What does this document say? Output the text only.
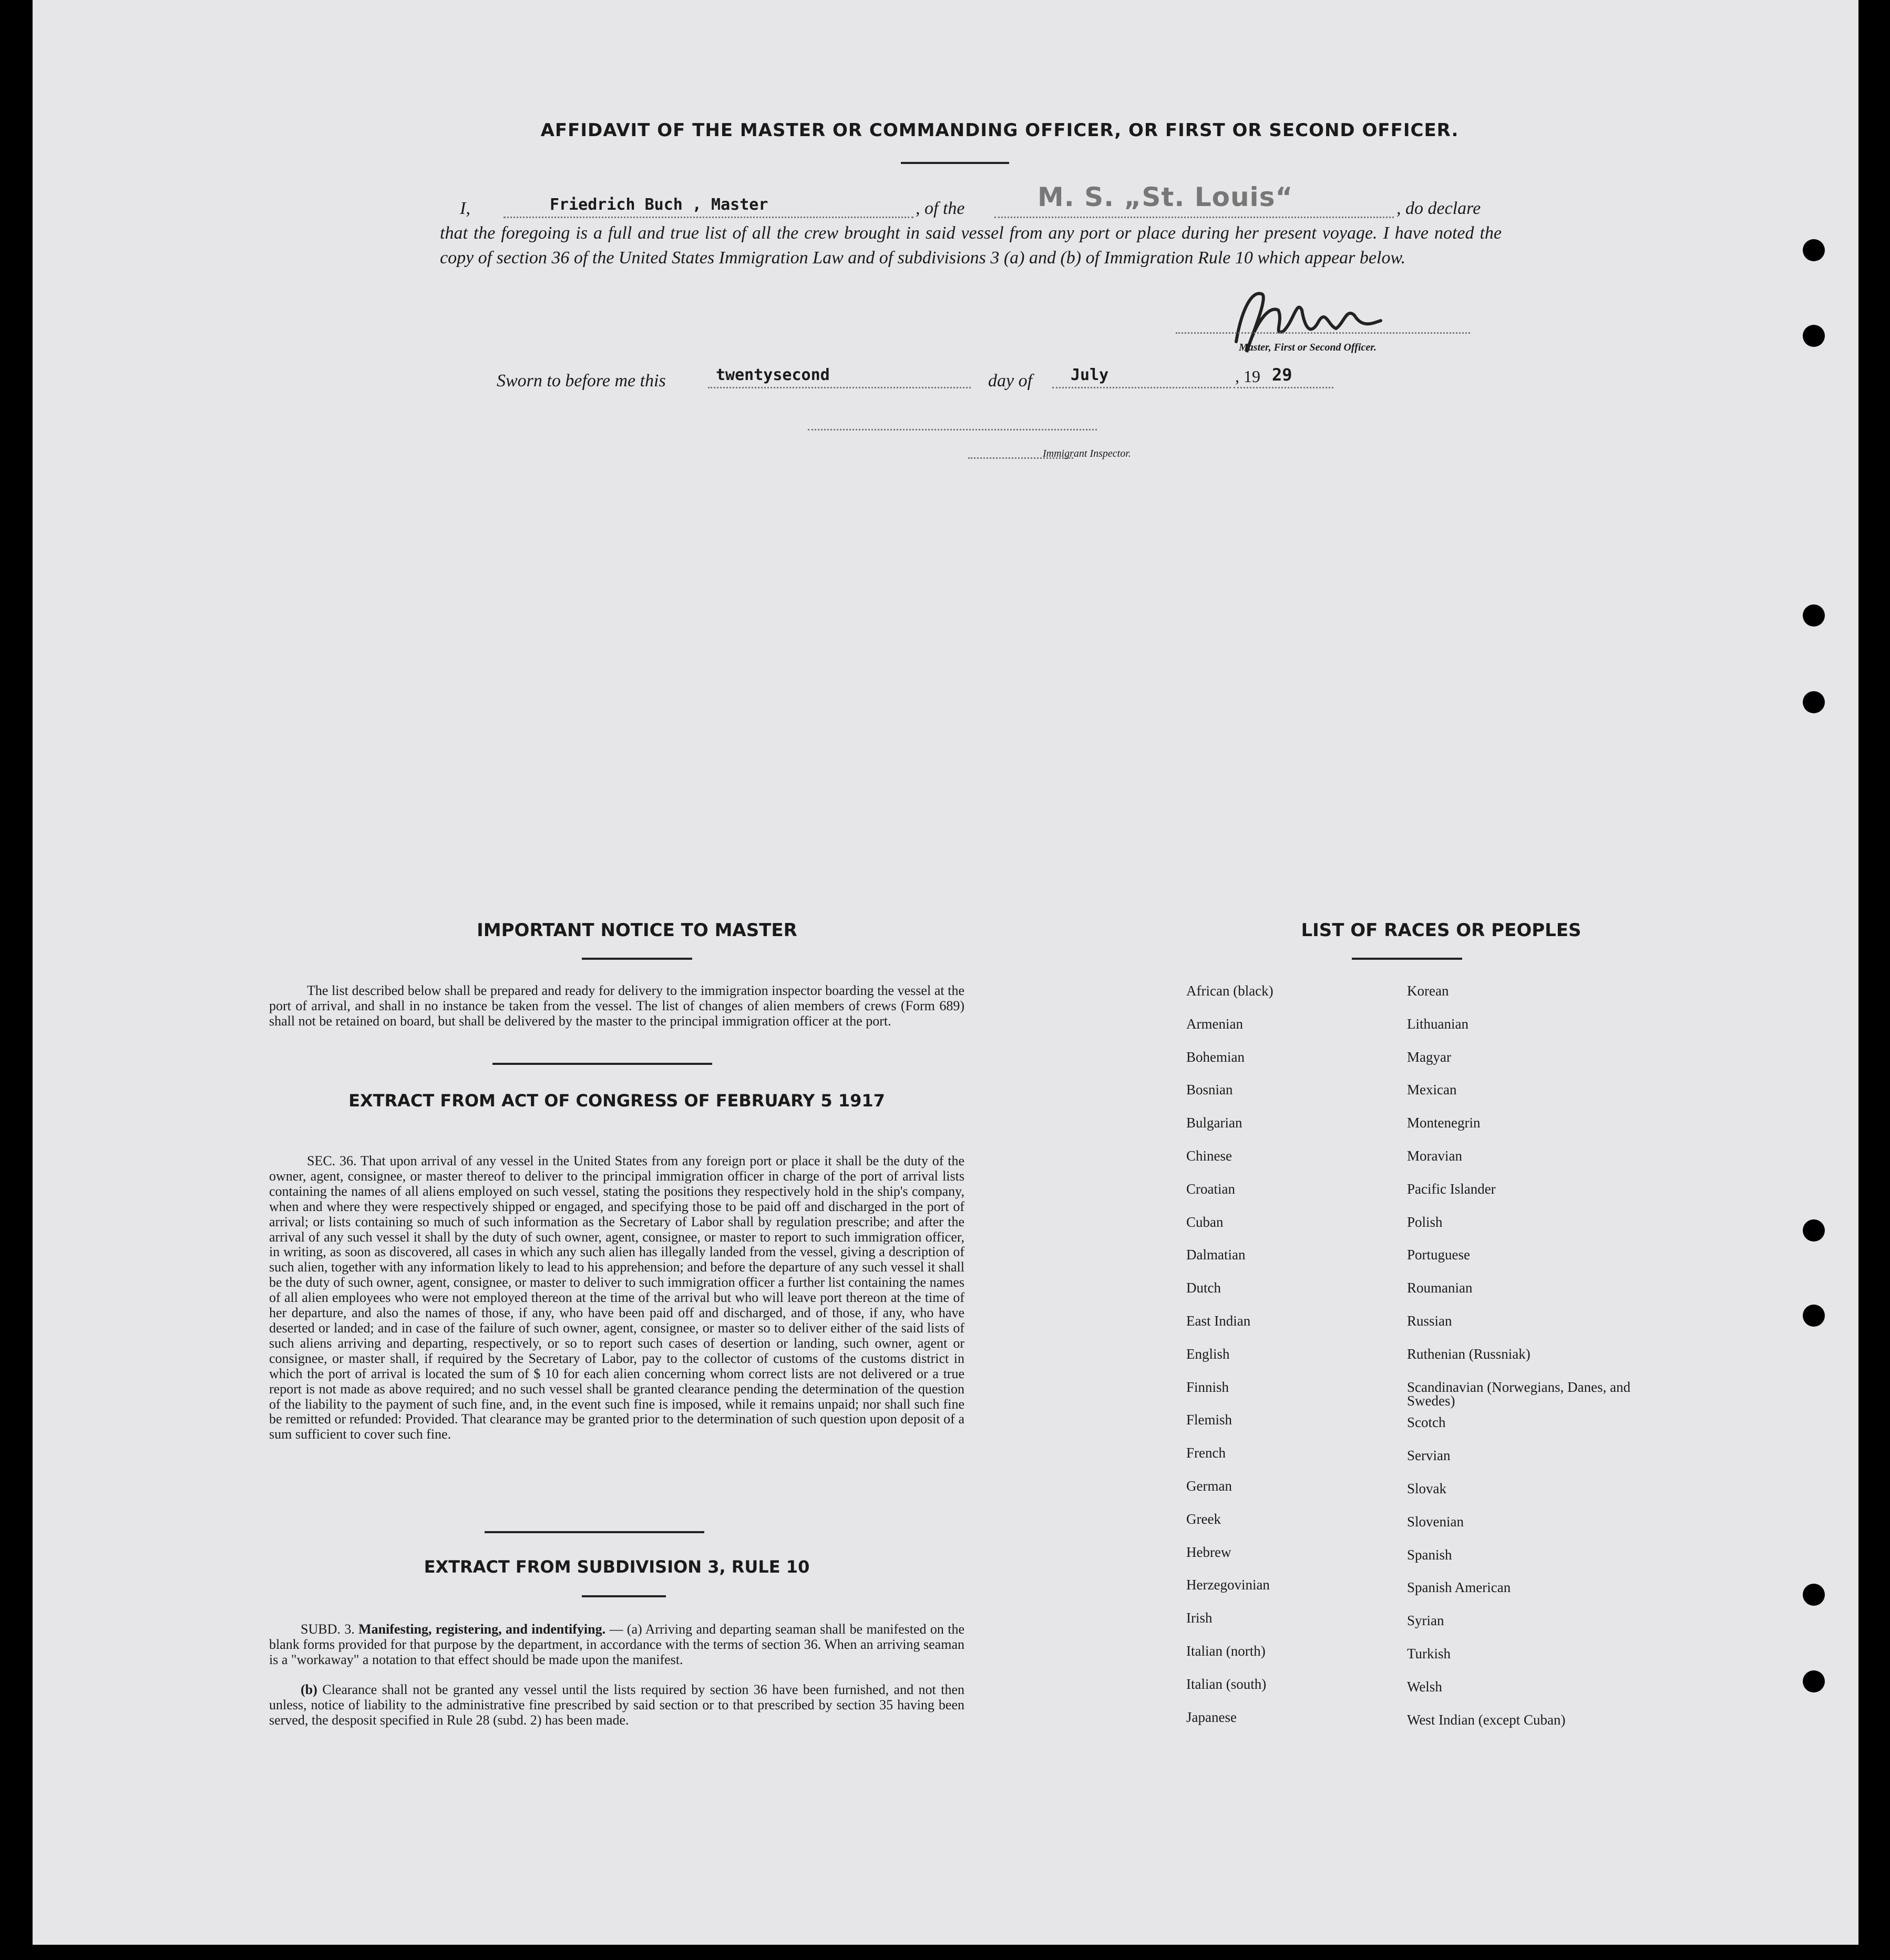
AFFIDAVIT OF THE MASTER OR COMMANDING OFFICER, OR FIRST OR SECOND OFFICER.
I,	Friedrich Buch , Master	, of the	M. S. „St. Louis“	, do declare
that the foregoing is a full and true list of all the crew brought in said vessel from any port or place during her present voyage. I have noted the copy of section 36 of the United States Immigration Law and of subdivisions 3 (a) and (b) of Immigration Rule 10 which appear below.
Master, First or Second Officer.
Sworn to before me this	twentysecond	day of July	, 19 29
Immigrant Inspector.
IMPORTANT NOTICE TO MASTER
The list described below shall be prepared and ready for delivery to the immigration inspector boarding the vessel at the port of arrival, and shall in no instance be taken from the vessel. The list of changes of alien members of crews (Form 689) shall not be retained on board, but shall be delivered by the master to the principal immigration officer at the port.
EXTRACT FROM ACT OF CONGRESS OF FEBRUARY 5 1917
SEC. 36. That upon arrival of any vessel in the United States from any foreign port or place it shall be the duty of the owner, agent, consignee, or master thereof to deliver to the principal immigration officer in charge of the port of arrival lists containing the names of all aliens employed on such vessel, stating the positions they respectively hold in the ship's company, when and where they were respectively shipped or engaged, and specifying those to be paid off and discharged in the port of arrival; or lists containing so much of such information as the Secretary of Labor shall by regulation prescribe; and after the arrival of any such vessel it shall by the duty of such owner, agent, consignee, or master to report to such immigration officer, in writing, as soon as discovered, all cases in which any such alien has illegally landed from the vessel, giving a description of such alien, together with any information likely to lead to his apprehension; and before the departure of any such vessel it shall be the duty of such owner, agent, consignee, or master to deliver to such immigration officer a further list containing the names of all alien employees who were not employed thereon at the time of the arrival but who will leave port thereon at the time of her departure, and also the names of those, if any, who have been paid off and discharged, and of those, if any, who have deserted or landed; and in case of the failure of such owner, agent, consignee, or master so to deliver either of the said lists of such aliens arriving and departing, respectively, or so to report such cases of desertion or landing, such owner, agent or consignee, or master shall, if required by the Secretary of Labor, pay to the collector of customs of the customs district in which the port of arrival is located the sum of $ 10 for each alien concerning whom correct lists are not delivered or a true report is not made as above required; and no such vessel shall be granted clearance pending the determination of the question of the liability to the payment of such fine, and, in the event such fine is imposed, while it remains unpaid; nor shall such fine be remitted or refunded: Provided. That clearance may be granted prior to the determination of such question upon deposit of a sum sufficient to cover such fine.
EXTRACT FROM SUBDIVISION 3, RULE 10
SUBD. 3. Manifesting, registering, and indentifying. — (a) Arriving and departing seaman shall be manifested on the blank forms provided for that purpose by the department, in accordance with the terms of section 36. When an arriving seaman is a "workaway" a notation to that effect should be made upon the manifest.
(b) Clearance shall not be granted any vessel until the lists required by section 36 have been furnished, and not then unless, notice of liability to the administrative fine prescribed by said section or to that prescribed by section 35 having been served, the desposit specified in Rule 28 (subd. 2) has been made.
LIST OF RACES OR PEOPLES
African (black)
Armenian
Bohemian
Bosnian
Bulgarian
Chinese
Croatian
Cuban
Dalmatian
Dutch
East Indian
English
Finnish
Flemish
French
German
Greek
Hebrew
Herzegovinian
Irish
Italian (north)
Italian (south)
Japanese
Korean
Lithuanian
Magyar
Mexican
Montenegrin
Moravian
Pacific Islander
Polish
Portuguese
Roumanian
Russian
Ruthenian (Russniak)
Scandinavian (Norwegians, Danes, and Swedes)
Scotch
Servian
Slovak
Slovenian
Spanish
Spanish American
Syrian
Turkish
Welsh
West Indian (except Cuban)
